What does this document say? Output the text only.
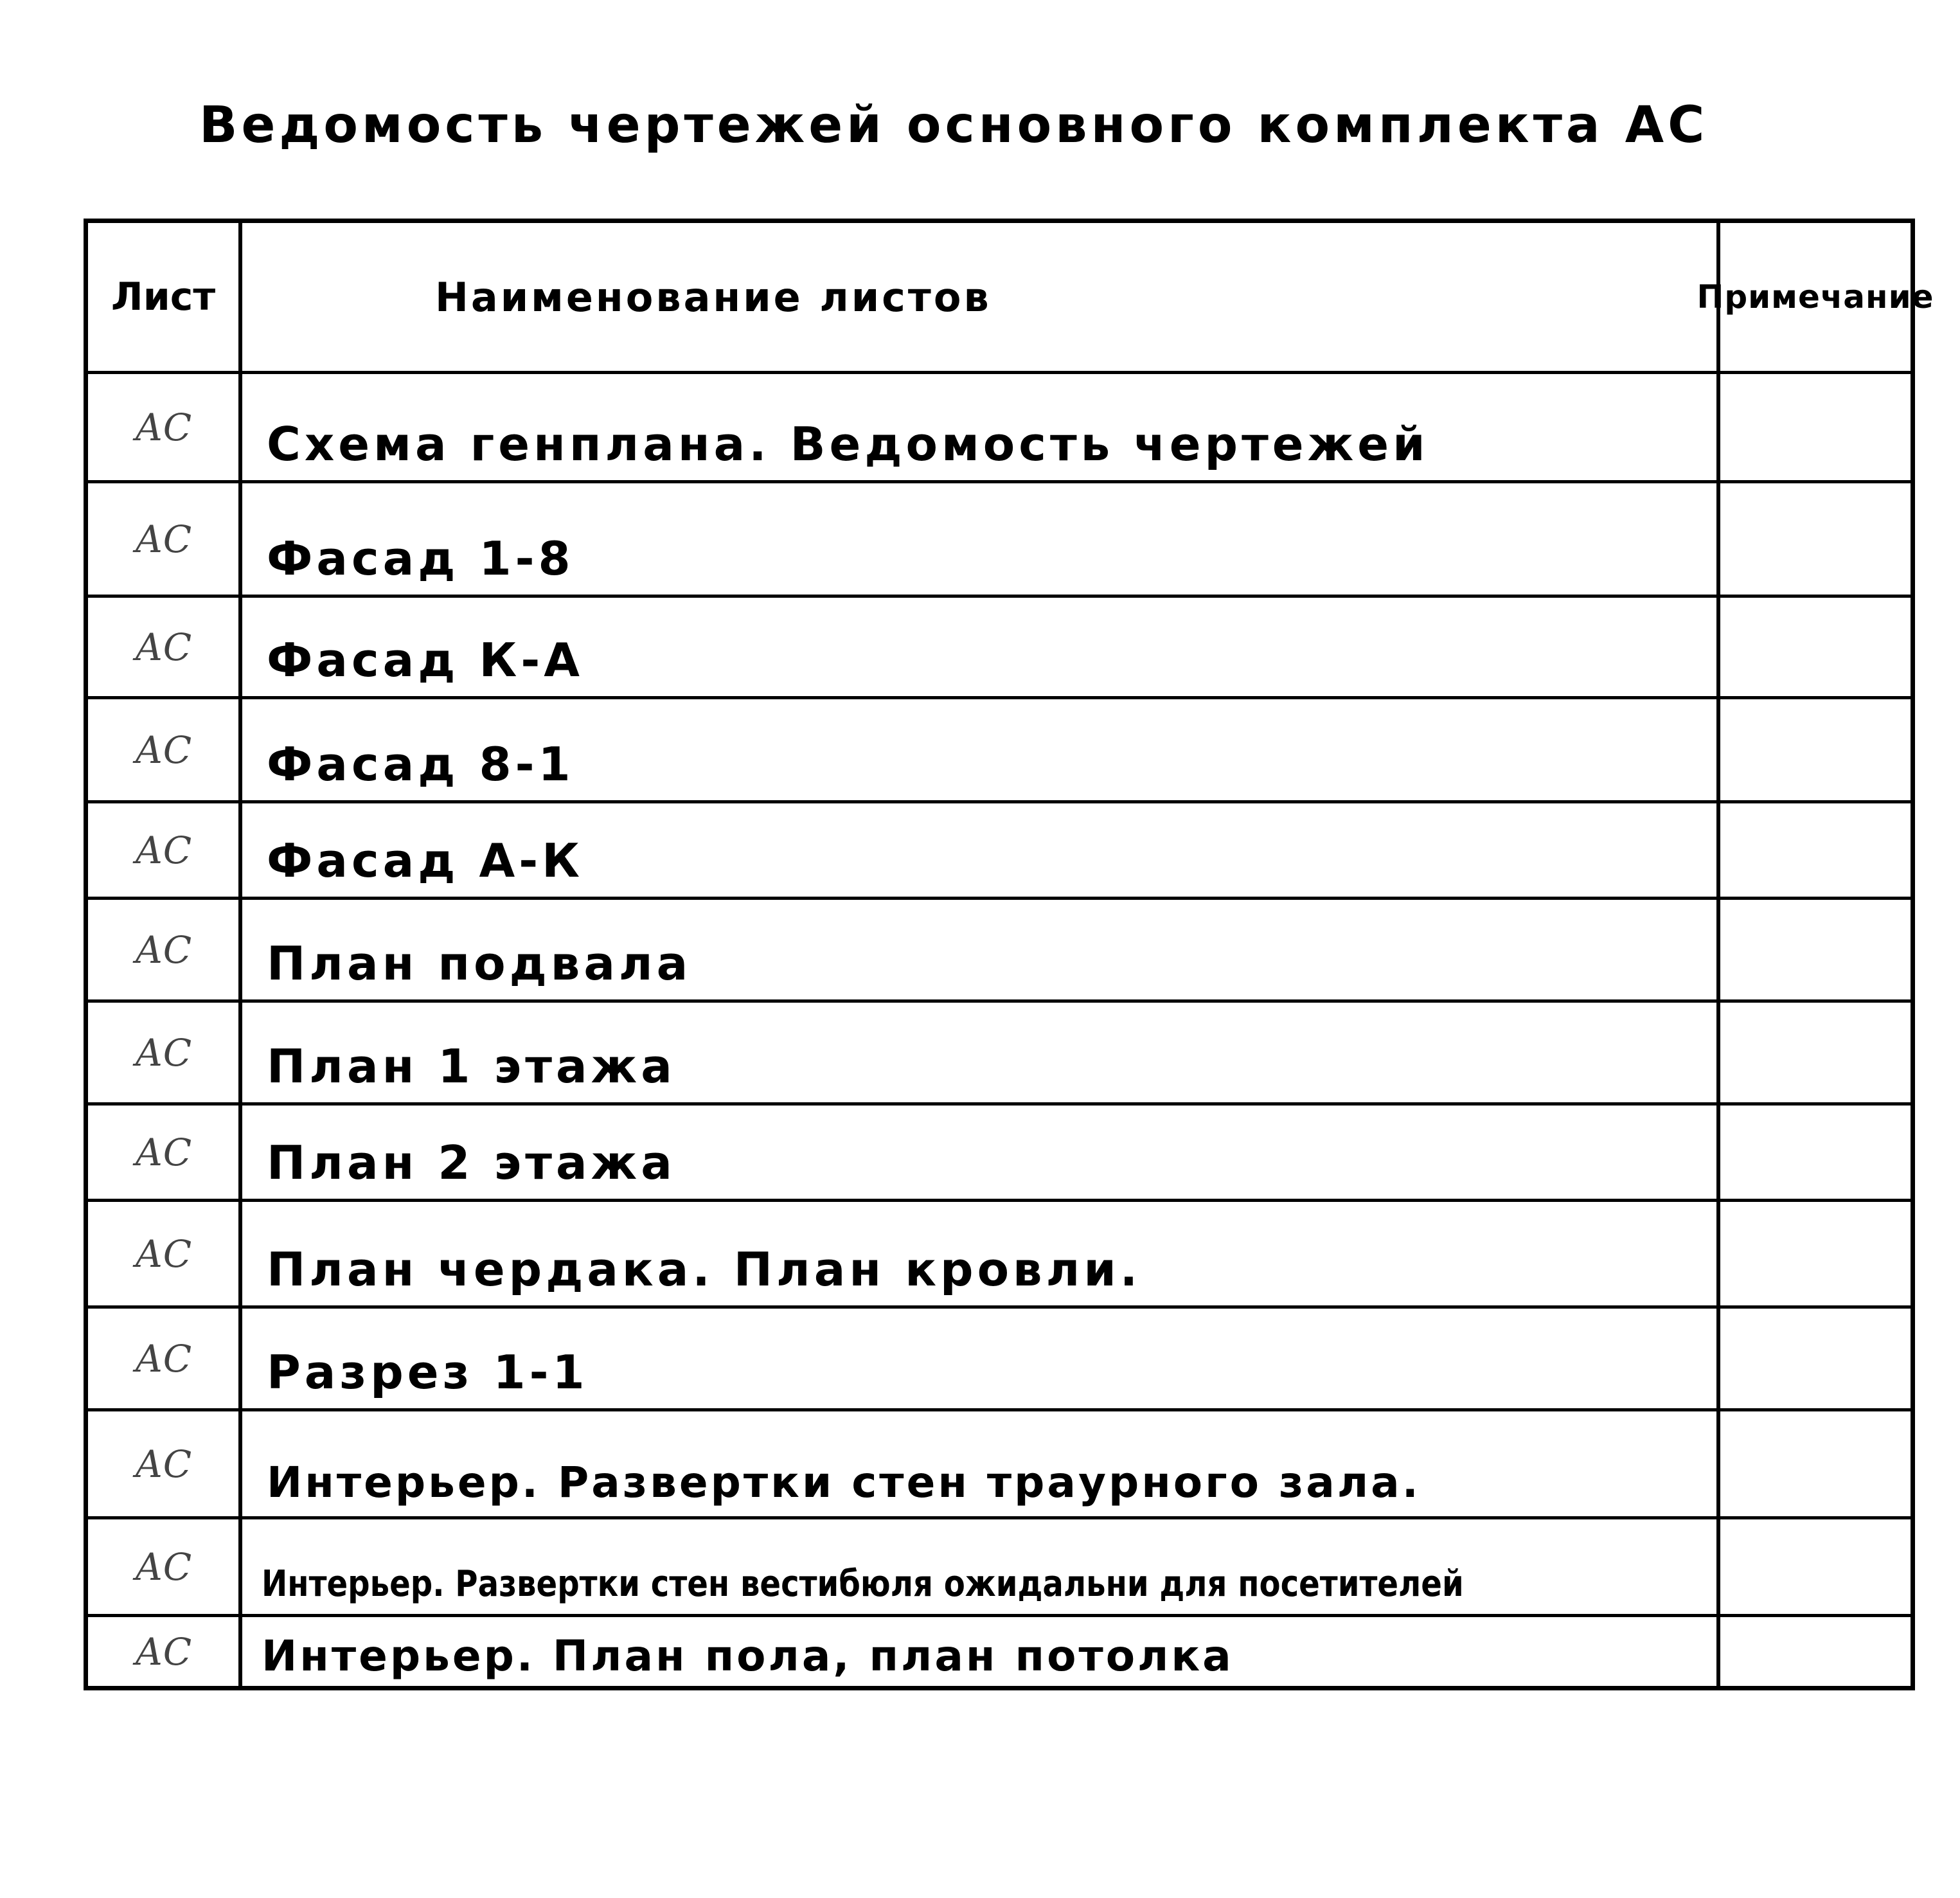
Ведомость чертежей основного комплекта АС
Лист	Наименование листов	Примечание
АС Схема генплана. Ведомость чертежей
АС Фасад 1-8
АС Фасад К-А
АС Фасад 8-1
АС Фасад А-К
АС План подвала
АС План 1 этажа
АС План 2 этажа
АС План чердака. План кровли.
АС Разрез 1-1
АС Интерьер. Развертки стен траурного зала.
АС Интерьер. Развертки стен вестибюля ожидальни для посетителей
АС Интерьер. План пола, план потолка
